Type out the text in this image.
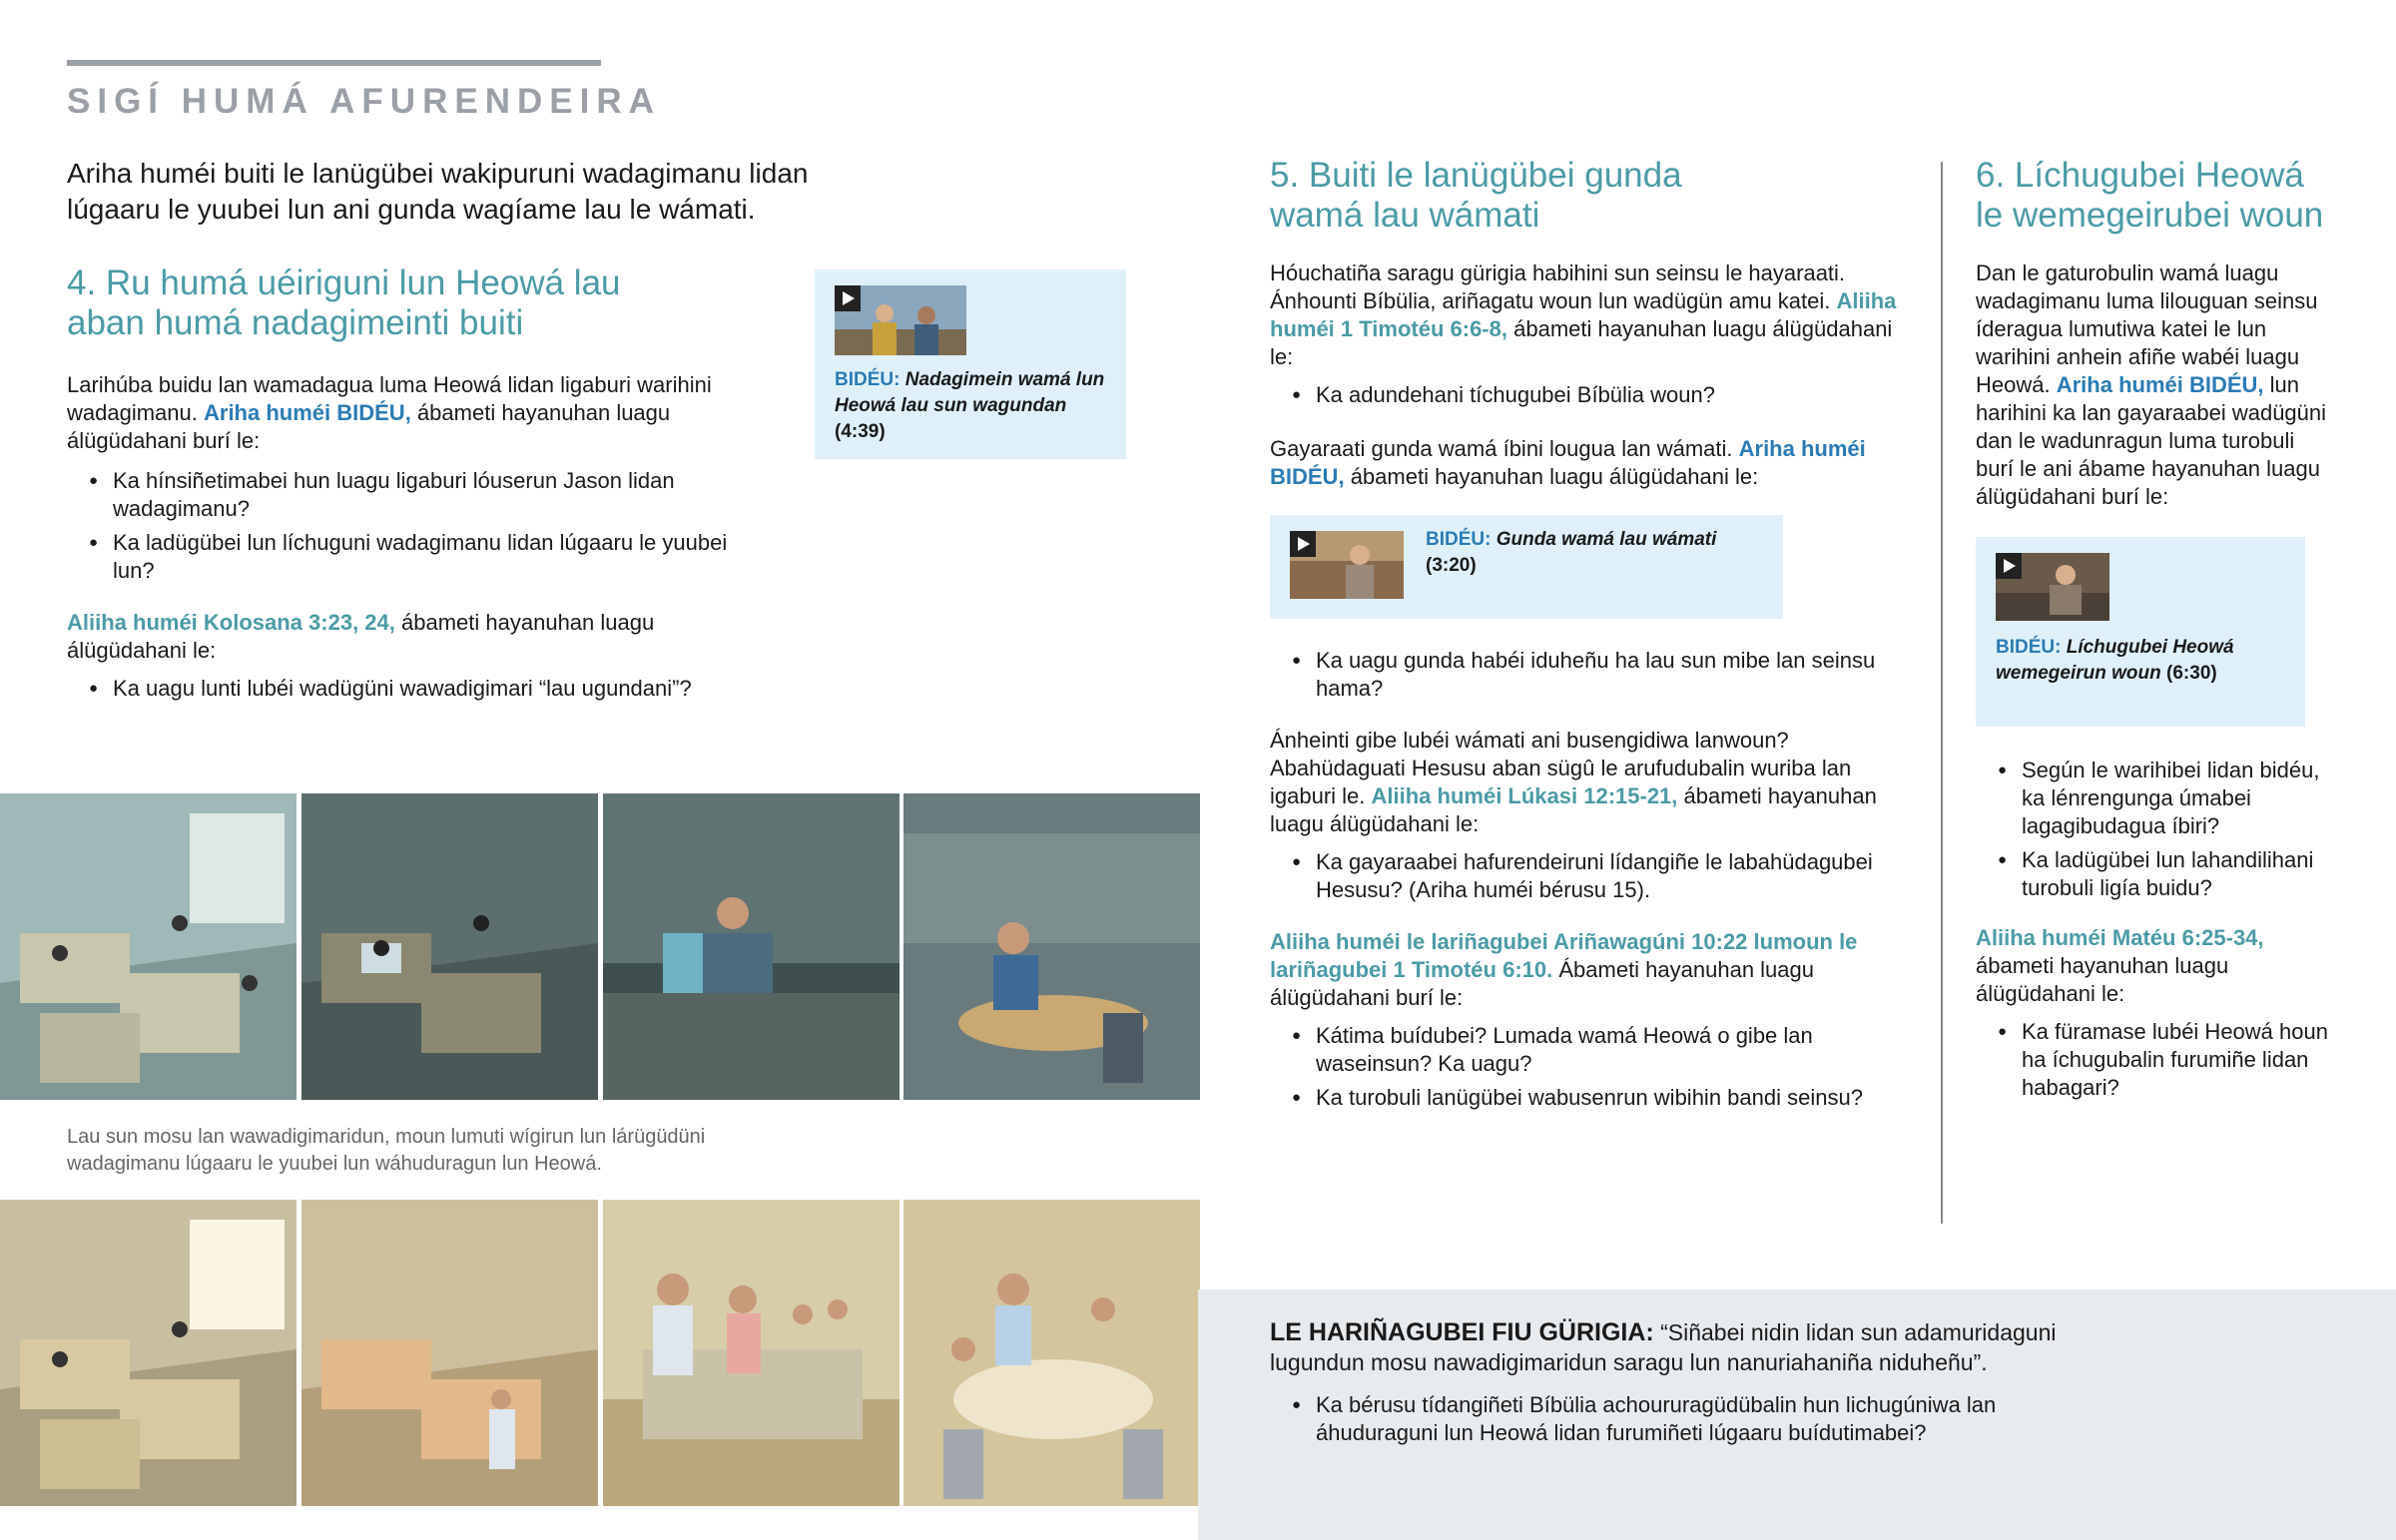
SIGÍ HUMÁ AFURENDEIRA
Ariha huméi buiti le lanügübei wakipuruni wadagimanu lidan lúgaaru le yuubei lun ani gunda wagíame lau le wámati.
4. Ru humá uéiriguni lun Heowá lau
aban humá nadagimeinti buiti

Larihúba buidu lan wamadagua luma Heowá lidan ligaburi warihini wadagimanu. Ariha huméi BIDÉU, ábameti hayanuhan luagu álügüdahani burí le:

● Ka hínsiñetimabei hun luagu ligaburi lóuserun Jason lidan wadagimanu?
● Ka ladügübei lun líchuguni wadagimanu lidan lúgaaru le yuubei lun?

Aliiha huméi Kolosana 3:23, 24, ábameti hayanuhan luagu álügüdahani le:

● Ka uagu lunti lubéi wadügüni wawadigimari “lau ugundani”?
BIDÉU: Nadagimein wamá lun Heowá lau sun wagundan (4:39)
Lau sun mosu lan wawadigimaridun, moun lumuti wígirun lun lárügüdüni wadagimanu lúgaaru le yuubei lun wáhuduragun lun Heowá.
5. Buiti le lanügübei gunda
wamá lau wámati

Hóuchatiña saragu gürigia habihini sun seinsu le hayaraati. Ánhounti Bíbülia, ariñagatu woun lun wadügün amu katei. Aliiha huméi 1 Timotéu 6:6-8, ábameti hayanuhan luagu álügüdahani le:

● Ka adundehani tíchugubei Bíbülia woun?

Gayaraati gunda wamá íbini lougua lan wámati. Ariha huméi BIDÉU, ábameti hayanuhan luagu álügüdahani le:

BIDÉU: Gunda wamá lau wámati
(3:20)
● Ka uagu gunda habéi iduheñu ha lau sun mibe lan seinsu hama?

Ánheinti gibe lubéi wámati ani busengidiwa lanwoun? Abahüdaguati Hesusu aban sügû le arufudubalin wuriba lan igaburi le. Aliiha huméi Lúkasi 12:15-21, ábameti hayanuhan luagu álügüdahani le:

● Ka gayaraabei hafurendeiruni lídangiñe le labahüdagubei Hesusu? (Ariha huméi bérusu 15).

Aliiha huméi le lariñagubei Ariñawagúni 10:22 lumoun le lariñagubei 1 Timotéu 6:10. Ábameti hayanuhan luagu álügüdahani burí le:

● Kátima buídubei? Lumada wamá Heowá o gibe lan waseinsun? Ka uagu?
● Ka turobuli lanügübei wabusenrun wibihin bandi seinsu?
6. Líchugubei Heowá
le wemegeirubei woun

Dan le gaturobulin wamá luagu wadagimanu luma lilouguan seinsu íderagua lumutiwa katei le lun warihini anhein afiñe wabéi luagu Heowá. Ariha huméi BIDÉU, lun harihini ka lan gayaraabei wadügüni dan le wadunragun luma turobuli burí le ani ábame hayanuhan luagu álügüdahani burí le:

BIDÉU: Líchugubei Heowá wemegeirun woun (6:30)
● Según le warihibei lidan bidéu, ka lénrengunga úmabei lagagibudagua íbiri?
● Ka ladügübei lun lahandilihani turobuli ligía buidu?

Aliiha huméi Matéu 6:25-34, ábameti hayanuhan luagu álügüdahani le:

● Ka füramase lubéi Heowá houn ha íchugubalin furumiñe lidan habagari?

LE HARIÑAGUBEI FIU GÜRIGIA: “Siñabei nidin lidan sun adamuridaguni lugundun mosu nawadigimaridun saragu lun nanuriahaniña niduheñu”.

● Ka bérusu tídangiñeti Bíbülia achoururagüdübalin hun lichugúniwa lan áhuduraguni lun Heowá lidan furumiñeti lúgaaru buídutimabei?
